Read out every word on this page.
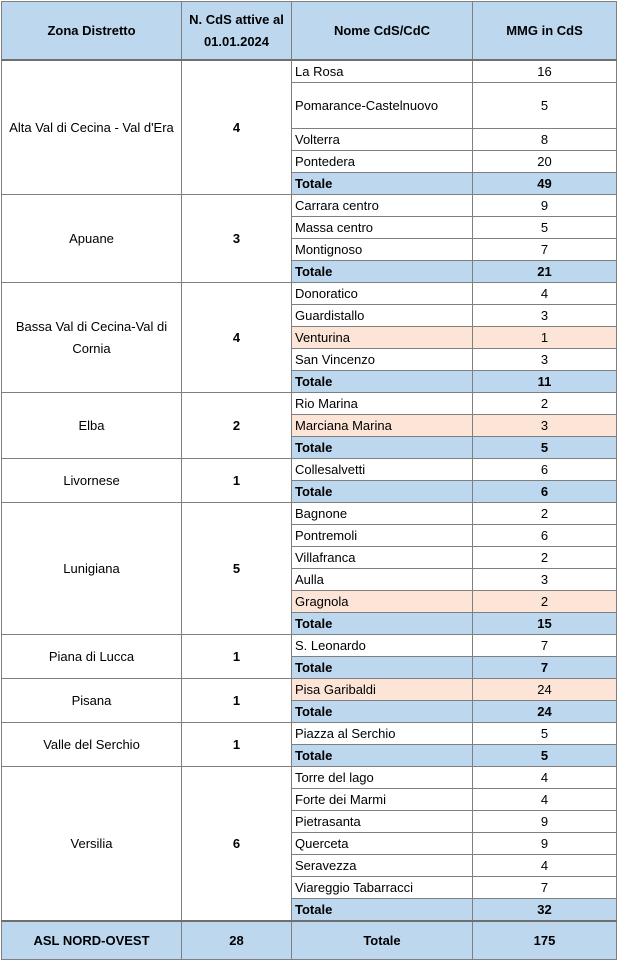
Zona Distretto	N. CdS attive al 01.01.2024	Nome CdS/CdC	MMG in CdS
Alta Val di Cecina - Val d'Era	4	La Rosa	16
		Pomarance-Castelnuovo	5
		Volterra	8
		Pontedera	20
		Totale	49
Apuane	3	Carrara centro	9
		Massa centro	5
		Montignoso	7
		Totale	21
Bassa Val di Cecina-Val di Cornia	4	Donoratico	4
		Guardistallo	3
		Venturina	1
		San Vincenzo	3
		Totale	11
Elba	2	Rio Marina	2
		Marciana Marina	3
		Totale	5
Livornese	1	Collesalvetti	6
		Totale	6
Lunigiana	5	Bagnone	2
		Pontremoli	6
		Villafranca	2
		Aulla	3
		Gragnola	2
		Totale	15
Piana di Lucca	1	S. Leonardo	7
		Totale	7
Pisana	1	Pisa Garibaldi	24
		Totale	24
Valle del Serchio	1	Piazza al Serchio	5
		Totale	5
Versilia	6	Torre del lago	4
		Forte dei Marmi	4
		Pietrasanta	9
		Querceta	9
		Seravezza	4
		Viareggio Tabarracci	7
		Totale	32
ASL NORD-OVEST	28	Totale	175
